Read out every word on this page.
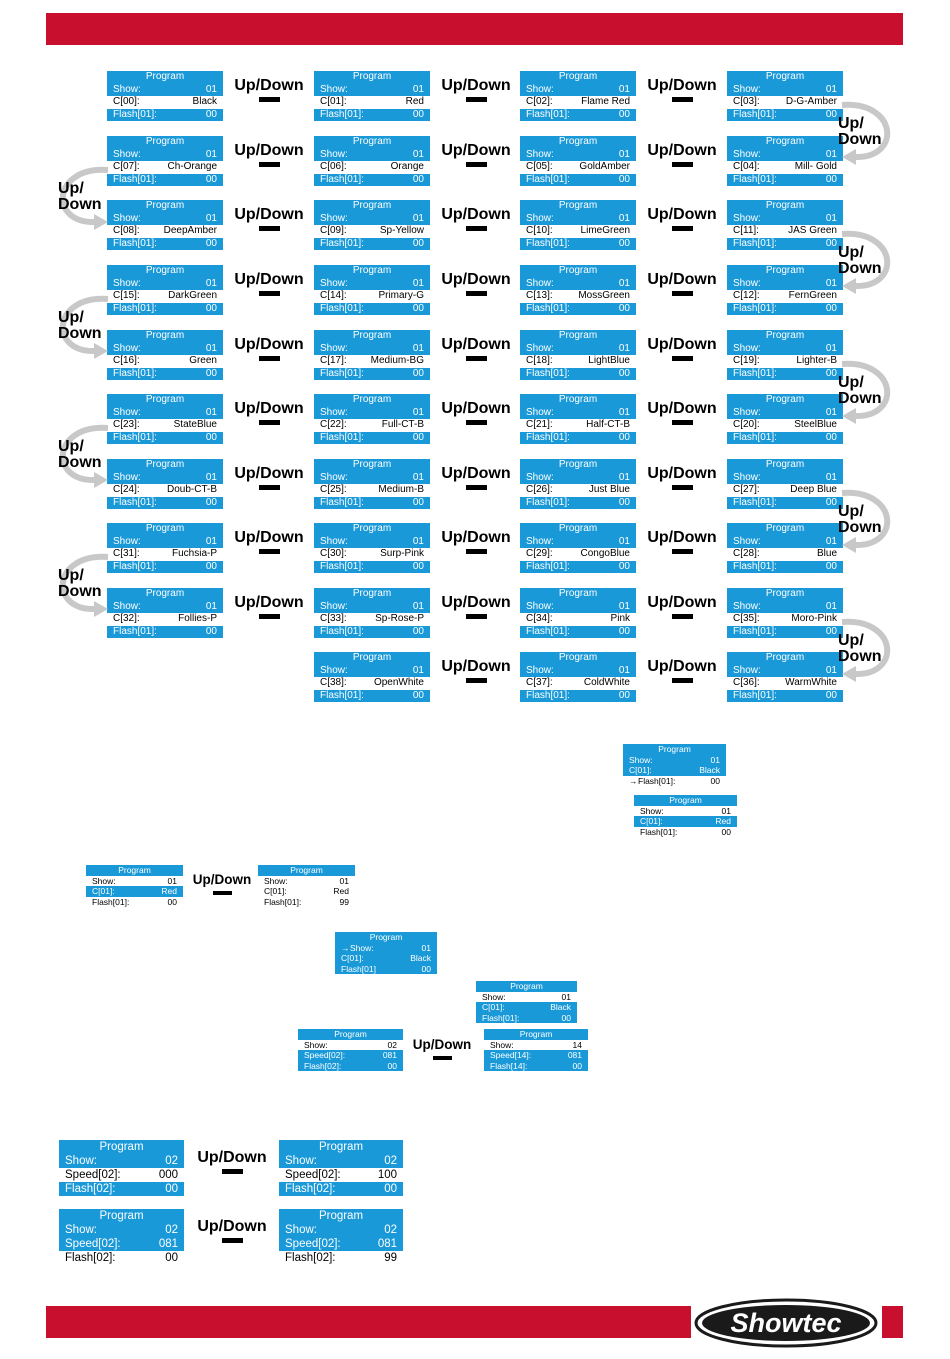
Showtec
Program
Show:	01
C[00]:	Black
Flash[01]:	00
Program
Show:	01
C[01]:	Red
Flash[01]:	00
Program
Show:	01
C[02]:	Flame Red
Flash[01]:	00
Program
Show:	01
C[03]:	D-G-Amber
Flash[01]:	00
Program
Show:	01
C[07]:	Ch-Orange
Flash[01]:	00
Program
Show:	01
C[06]:	Orange
Flash[01]:	00
Program
Show:	01
C[05]:	GoldAmber
Flash[01]:	00
Program
Show:	01
C[04]:	Mill- Gold
Flash[01]:	00
Program
Show:	01
C[08]: DeepAmber
Flash[01]:	00
Program
Show:	01
C[09]:	Sp-Yellow
Flash[01]:	00
Program
Show:	01
C[10]:	LimeGreen
Flash[01]:	00
Program
Show:	01
C[11]:	JAS Green
Flash[01]:	00
Program
Show:	01
C[15]:	DarkGreen
Flash[01]:	00
Program
Show:	01
C[14]:	Primary-G
Flash[01]:	00
Program
Show:	01
C[13]:	MossGreen
Flash[01]:	00
Program
Show:	01
C[12]:	FernGreen
Flash[01]:	00
Program
Show:	01
C[16]:	Green
Flash[01]:	00
Program
Show:	01
C[17]: Medium-BG
Flash[01]:	00
Program
Show:	01
C[18]:	LightBlue
Flash[01]:	00
Program
Show:	01
C[19]:	Lighter-B
Flash[01]:	00
Program
Show:	01
C[23]:	StateBlue
Flash[01]:	00
Program
Show:	01
C[22]:	Full-CT-B
Flash[01]:	00
Program
Show:	01
C[21]:	Half-CT-B
Flash[01]:	00
Program
Show:	01
C[20]:	SteelBlue
Flash[01]:	00
Program
Show:	01
C[24]:	Doub-CT-B
Flash[01]:	00
Program
Show:	01
C[25]:	Medium-B
Flash[01]:	00
Program
Show:	01
C[26]:	Just Blue
Flash[01]:	00
Program
Show:	01
C[27]:	Deep Blue
Flash[01]:	00
Program
Show:	01
C[31]:	Fuchsia-P
Flash[01]:	00
Program
Show:	01
C[30]:	Surp-Pink
Flash[01]:	00
Program
Show:	01
C[29]:	CongoBlue
Flash[01]:	00
Program
Show:	01
C[28]:	Blue
Flash[01]:	00
Program
Show:	01
C[32]:	Follies-P
Flash[01]:	00
Program
Show:	01
C[33]:	Sp-Rose-P
Flash[01]:	00
Program
Show:	01
C[34]:	Pink
Flash[01]:	00
Program
Show:	01
C[35]:	Moro-Pink
Flash[01]:	00
Program
Show:	01
C[38]:	OpenWhite
Flash[01]:	00
Program
Show:	01
C[37]:	ColdWhite
Flash[01]:	00
Program
Show:	01
C[36]:	WarmWhite
Flash[01]:	00
Up/Down	Up/Down	Up/Down
Up/Down	Up/Down	Up/Down
Up/Down	Up/Down	Up/Down
Up/Down	Up/Down	Up/Down
Up/Down	Up/Down	Up/Down
Up/Down	Up/Down	Up/Down
Up/Down	Up/Down	Up/Down
Up/Down	Up/Down	Up/Down
Up/Down
Up/Down	Up/Down
Up/Down	Up/Down
Up/
Down
Up/
Down
Up/
Down
Up/
Down
Up/
Down
Up/
Down
Up/
Down
Up/
Down
Up/
Down
Program
Show:	01
C[01]:	Black
→Flash[01]:	00
Program
Show:	01
C[01]:	Red
Flash[01]:	00
Program
Show:	01
C[01]:	Red
Flash[01]:	00
Up/Down
Program
Show:	01
C[01]:	Red
Flash[01]:	99
Program
→Show:	01
C[01]:	Black
Flash[01]	00
Program
Show:	01
C[01]:	Black
Flash[01]:	00
Program
Show:	02
Speed[02]:	081
Flash[02]:	00
Up/Down
Program
Show:	14
Speed[14]:	081
Flash[14]:	00
Program
Show:	02
Speed[02]:	000
Flash[02]:	00
Up/Down
Program
Show:	02
Speed[02]:	100
Flash[02]:	00
Program
Show:	02
Speed[02]:	081
Flash[02]:	00
Up/Down
Program
Show:	02
Speed[02]:	081
Flash[02]:	99
